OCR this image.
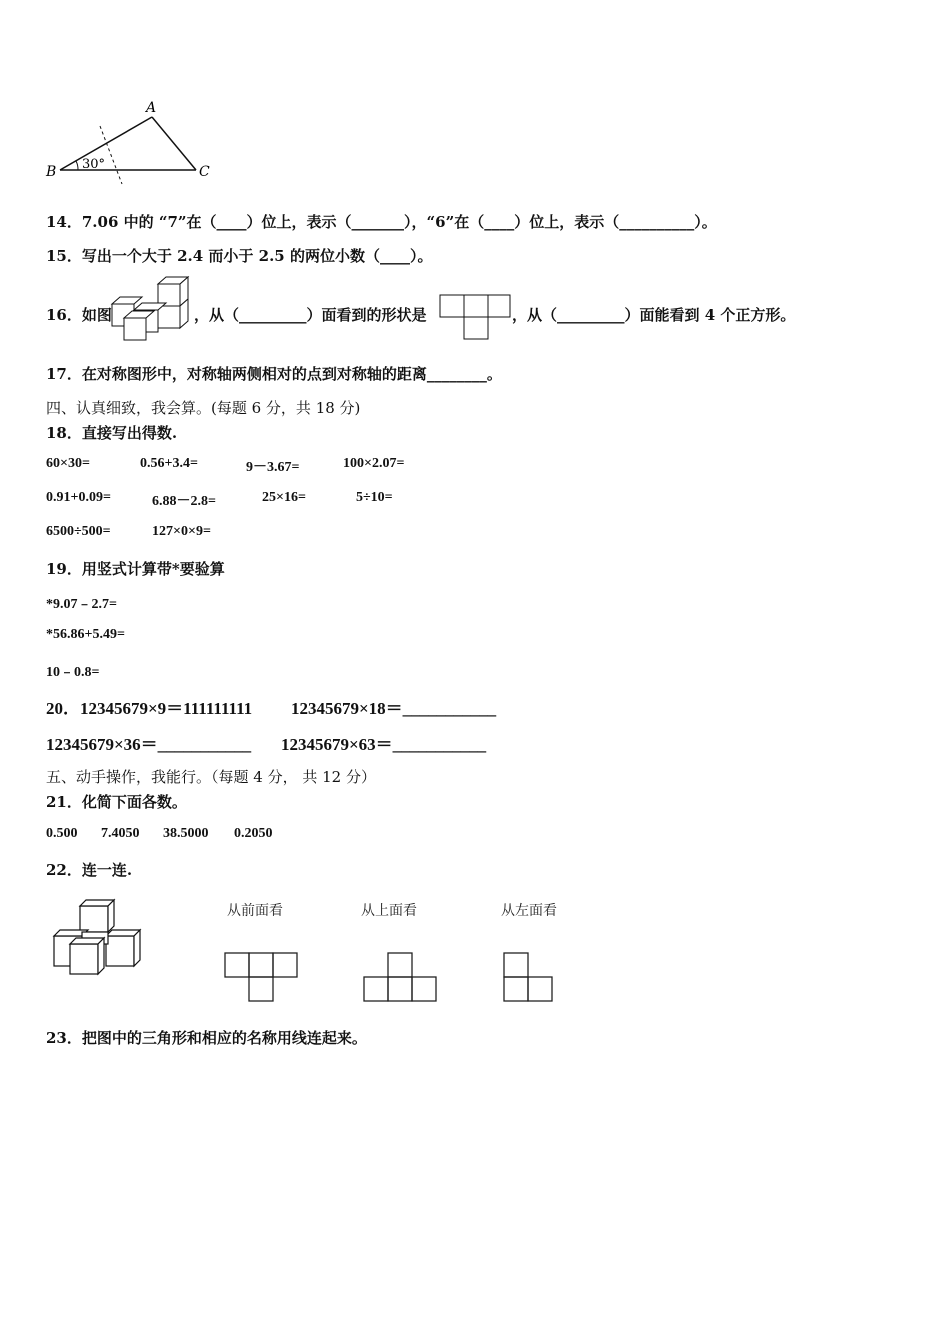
A
B	C
30°
14．7.06 中的 “7”在（____）位上，表示（_______），“6”在（____）位上，表示（__________）。
15．写出一个大于 2.4 而小于 2.5 的两位小数（____）。
16．如图	，从（_________）面看到的形状是	，从（_________）面能看到 4 个正方形。
17．在对称图形中，对称轴两侧相对的点到对称轴的距离________。
四、认真细致，我会算。(每题 6 分，共 18 分)
18．直接写出得数.
60×30=	0.56+3.4=	9－3.67=	100×2.07=
0.91+0.09=	6.88－2.8=	25×16=	5÷10=
6500÷500=	127×0×9=
19．用竖式计算带*要验算
*9.07﹣2.7=
*56.86+5.49=
10﹣0.8=
20．12345679×9＝111111111 12345679×18＝___________
12345679×36＝___________ 12345679×63＝___________
五、动手操作，我能行。（每题 4 分， 共 12 分）
21．化简下面各数。
0.500 7.4050 38.5000 0.2050
22．连一连.
从前面看	从上面看	从左面看
23．把图中的三角形和相应的名称用线连起来。
